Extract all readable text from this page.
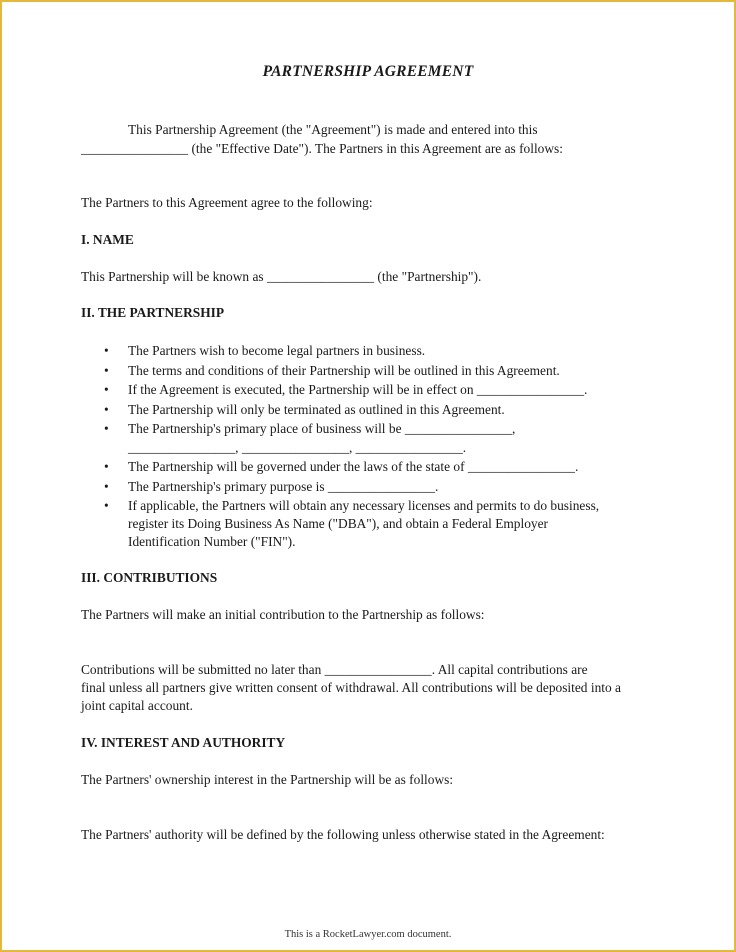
PARTNERSHIP AGREEMENT
This Partnership Agreement (the "Agreement") is made and entered into this
________________ (the "Effective Date"). The Partners in this Agreement are as follows:
The Partners to this Agreement agree to the following:
I. NAME
This Partnership will be known as ________________ (the "Partnership").
II. THE PARTNERSHIP
•	The Partners wish to become legal partners in business.
•	The terms and conditions of their Partnership will be outlined in this Agreement.
•	If the Agreement is executed, the Partnership will be in effect on ________________.
•	The Partnership will only be terminated as outlined in this Agreement.
•	The Partnership's primary place of business will be ________________,
________________, ________________, ________________.
•	The Partnership will be governed under the laws of the state of ________________.
•	The Partnership's primary purpose is ________________.
•	If applicable, the Partners will obtain any necessary licenses and permits to do business,
register its Doing Business As Name ("DBA"), and obtain a Federal Employer
Identification Number ("FIN").
III. CONTRIBUTIONS
The Partners will make an initial contribution to the Partnership as follows:
Contributions will be submitted no later than ________________. All capital contributions are
final unless all partners give written consent of withdrawal. All contributions will be deposited into a
joint capital account.
IV. INTEREST AND AUTHORITY
The Partners' ownership interest in the Partnership will be as follows:
The Partners' authority will be defined by the following unless otherwise stated in the Agreement:
This is a RocketLawyer.com document.
